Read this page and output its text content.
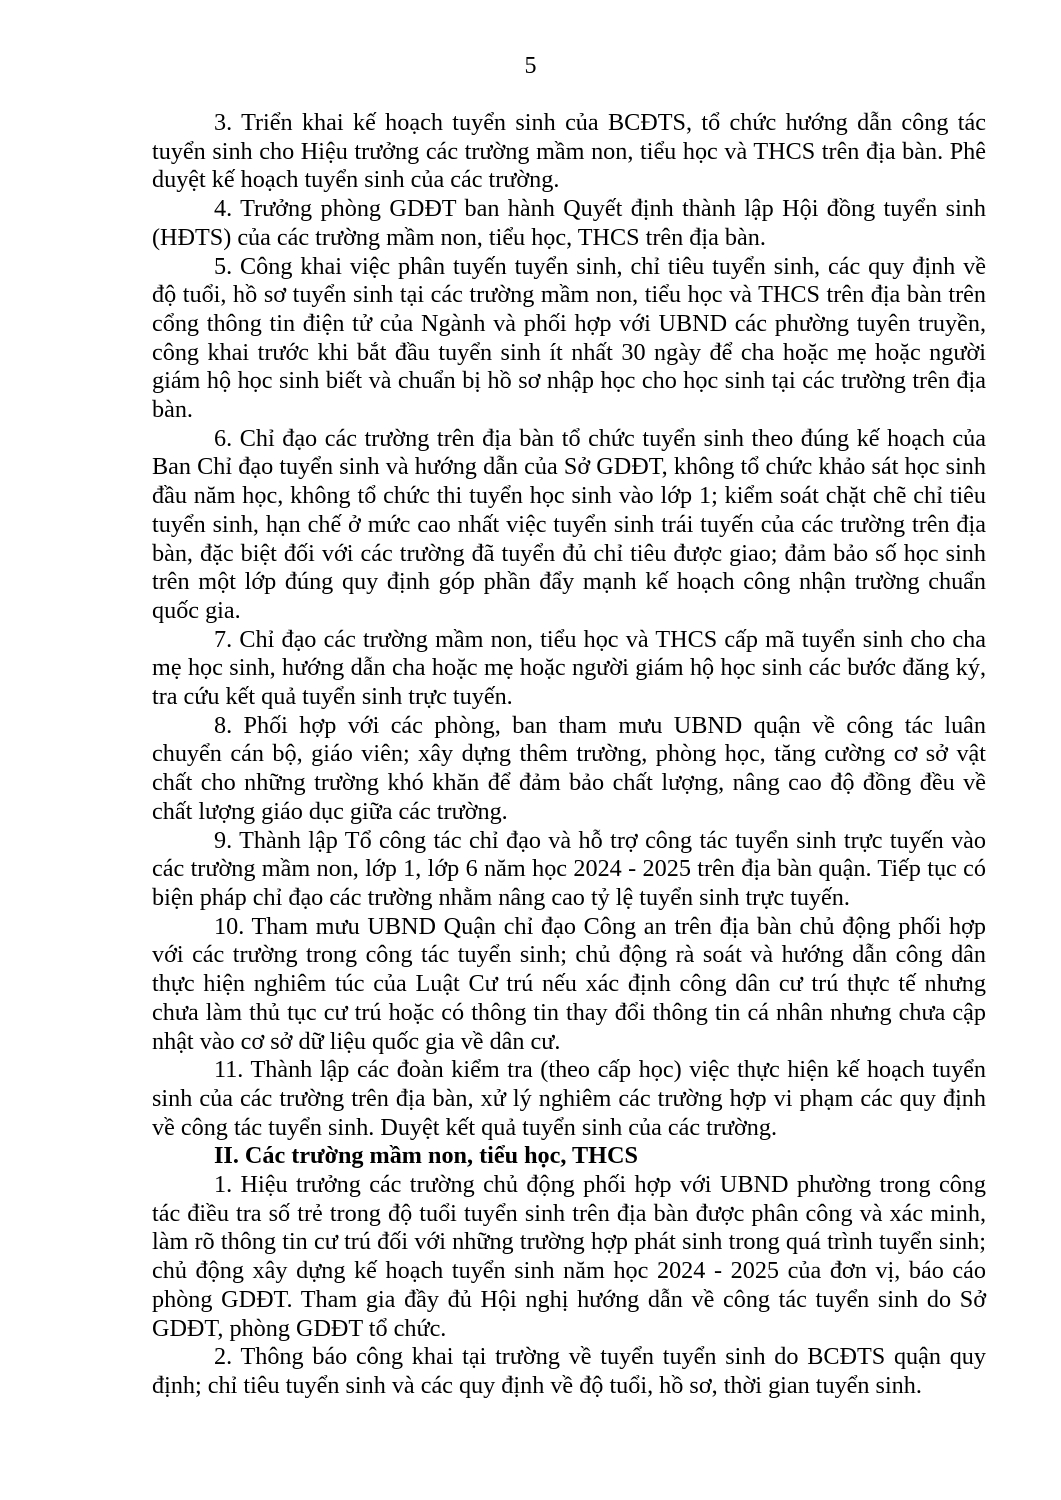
5

3. Triển khai kế hoạch tuyển sinh của BCĐTS, tổ chức hướng dẫn công tác tuyển sinh cho Hiệu trưởng các trường mầm non, tiểu học và THCS trên địa bàn. Phê duyệt kế hoạch tuyển sinh của các trường.

4. Trưởng phòng GDĐT ban hành Quyết định thành lập Hội đồng tuyển sinh (HĐTS) của các trường mầm non, tiểu học, THCS trên địa bàn.

5. Công khai việc phân tuyến tuyển sinh, chỉ tiêu tuyển sinh, các quy định về độ tuổi, hồ sơ tuyển sinh tại các trường mầm non, tiểu học và THCS trên địa bàn trên cổng thông tin điện tử của Ngành và phối hợp với UBND các phường tuyên truyền, công khai trước khi bắt đầu tuyển sinh ít nhất 30 ngày để cha hoặc mẹ hoặc người giám hộ học sinh biết và chuẩn bị hồ sơ nhập học cho học sinh tại các trường trên địa bàn.

6. Chỉ đạo các trường trên địa bàn tổ chức tuyển sinh theo đúng kế hoạch của Ban Chỉ đạo tuyển sinh và hướng dẫn của Sở GDĐT, không tổ chức khảo sát học sinh đầu năm học, không tổ chức thi tuyển học sinh vào lớp 1; kiểm soát chặt chẽ chỉ tiêu tuyển sinh, hạn chế ở mức cao nhất việc tuyển sinh trái tuyến của các trường trên địa bàn, đặc biệt đối với các trường đã tuyển đủ chỉ tiêu được giao; đảm bảo số học sinh trên một lớp đúng quy định góp phần đẩy mạnh kế hoạch công nhận trường chuẩn quốc gia.

7. Chỉ đạo các trường mầm non, tiểu học và THCS cấp mã tuyển sinh cho cha mẹ học sinh, hướng dẫn cha hoặc mẹ hoặc người giám hộ học sinh các bước đăng ký, tra cứu kết quả tuyển sinh trực tuyến.

8. Phối hợp với các phòng, ban tham mưu UBND quận về công tác luân chuyển cán bộ, giáo viên; xây dựng thêm trường, phòng học, tăng cường cơ sở vật chất cho những trường khó khăn để đảm bảo chất lượng, nâng cao độ đồng đều về chất lượng giáo dục giữa các trường.

9. Thành lập Tổ công tác chỉ đạo và hỗ trợ công tác tuyển sinh trực tuyến vào các trường mầm non, lớp 1, lớp 6 năm học 2024 - 2025 trên địa bàn quận. Tiếp tục có biện pháp chỉ đạo các trường nhằm nâng cao tỷ lệ tuyển sinh trực tuyến.

10. Tham mưu UBND Quận chỉ đạo Công an trên địa bàn chủ động phối hợp với các trường trong công tác tuyển sinh; chủ động rà soát và hướng dẫn công dân thực hiện nghiêm túc của Luật Cư trú nếu xác định công dân cư trú thực tế nhưng chưa làm thủ tục cư trú hoặc có thông tin thay đổi thông tin cá nhân nhưng chưa cập nhật vào cơ sở dữ liệu quốc gia về dân cư.

11. Thành lập các đoàn kiểm tra (theo cấp học) việc thực hiện kế hoạch tuyển sinh của các trường trên địa bàn, xử lý nghiêm các trường hợp vi phạm các quy định về công tác tuyển sinh. Duyệt kết quả tuyển sinh của các trường.

II. Các trường mầm non, tiểu học, THCS

1. Hiệu trưởng các trường chủ động phối hợp với UBND phường trong công tác điều tra số trẻ trong độ tuổi tuyển sinh trên địa bàn được phân công và xác minh, làm rõ thông tin cư trú đối với những trường hợp phát sinh trong quá trình tuyển sinh; chủ động xây dựng kế hoạch tuyển sinh năm học 2024 - 2025 của đơn vị, báo cáo phòng GDĐT. Tham gia đầy đủ Hội nghị hướng dẫn về công tác tuyển sinh do Sở GDĐT, phòng GDĐT tổ chức.

2. Thông báo công khai tại trường về tuyển tuyển sinh do BCĐTS quận quy định; chỉ tiêu tuyển sinh và các quy định về độ tuổi, hồ sơ, thời gian tuyển sinh.
